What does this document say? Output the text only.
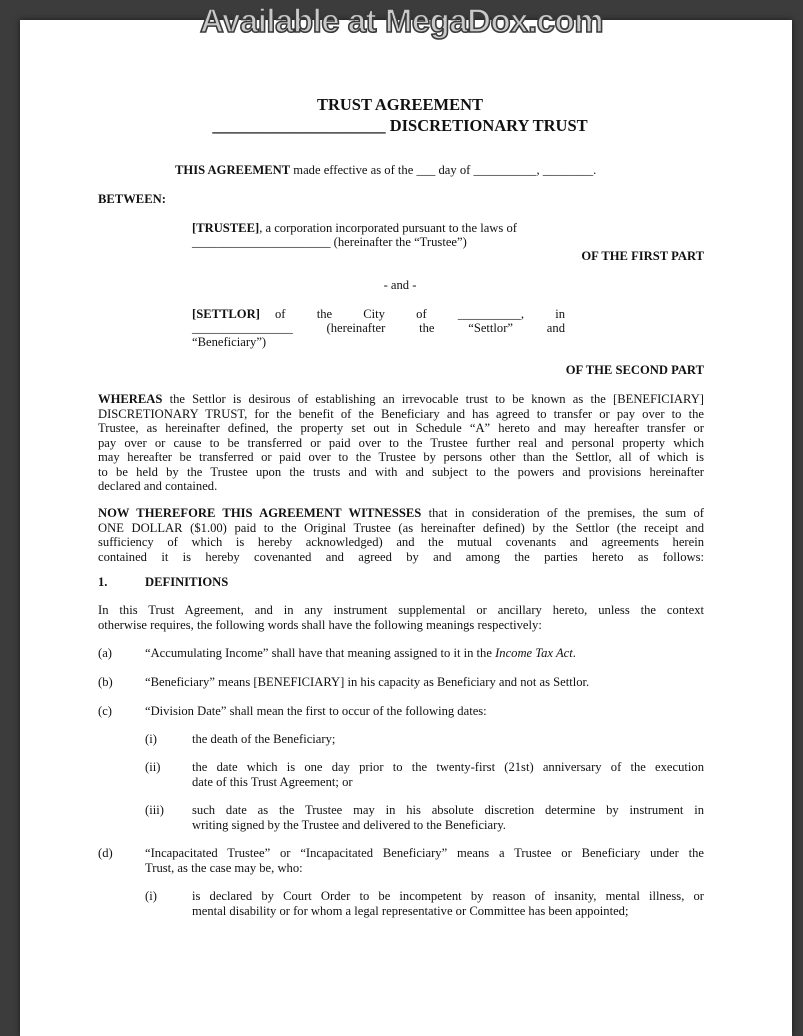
Available at MegaDox.com
TRUST AGREEMENT
_____________________ DISCRETIONARY TRUST
THIS AGREEMENT made effective as of the ___ day of __________, ________.
BETWEEN:
[TRUSTEE], a corporation incorporated pursuant to the laws of
______________________ (hereinafter the “Trustee”)
OF THE FIRST PART
- and -
[SETTLOR] of the City of __________, in
________________ (hereinafter the “Settlor” and
“Beneficiary”)
OF THE SECOND PART
WHEREAS the Settlor is desirous of establishing an irrevocable trust to be known as the [BENEFICIARY]
DISCRETIONARY TRUST, for the benefit of the Beneficiary and has agreed to transfer or pay over to the
Trustee, as hereinafter defined, the property set out in Schedule “A” hereto and may hereafter transfer or
pay over or cause to be transferred or paid over to the Trustee further real and personal property which
may hereafter be transferred or paid over to the Trustee by persons other than the Settlor, all of which is
to be held by the Trustee upon the trusts and with and subject to the powers and provisions hereinafter
declared and contained.
NOW THEREFORE THIS AGREEMENT WITNESSES that in consideration of the premises, the sum of
ONE DOLLAR ($1.00) paid to the Original Trustee (as hereinafter defined) by the Settlor (the receipt and
sufficiency of which is hereby acknowledged) and the mutual covenants and agreements herein
contained it is hereby covenanted and agreed by and among the parties hereto as follows:
1.	DEFINITIONS
In this Trust Agreement, and in any instrument supplemental or ancillary hereto, unless the context
otherwise requires, the following words shall have the following meanings respectively:
(a)	“Accumulating Income” shall have that meaning assigned to it in the Income Tax Act.
(b)	“Beneficiary” means [BENEFICIARY] in his capacity as Beneficiary and not as Settlor.
(c)	“Division Date” shall mean the first to occur of the following dates:
(i)	the death of the Beneficiary;
(ii)	the date which is one day prior to the twenty-first (21st) anniversary of the execution
date of this Trust Agreement; or
(iii) such date as the Trustee may in his absolute discretion determine by instrument in
writing signed by the Trustee and delivered to the Beneficiary.
(d)	“Incapacitated Trustee” or “Incapacitated Beneficiary” means a Trustee or Beneficiary under the
Trust, as the case may be, who:
(i)	is declared by Court Order to be incompetent by reason of insanity, mental illness, or
mental disability or for whom a legal representative or Committee has been appointed;
